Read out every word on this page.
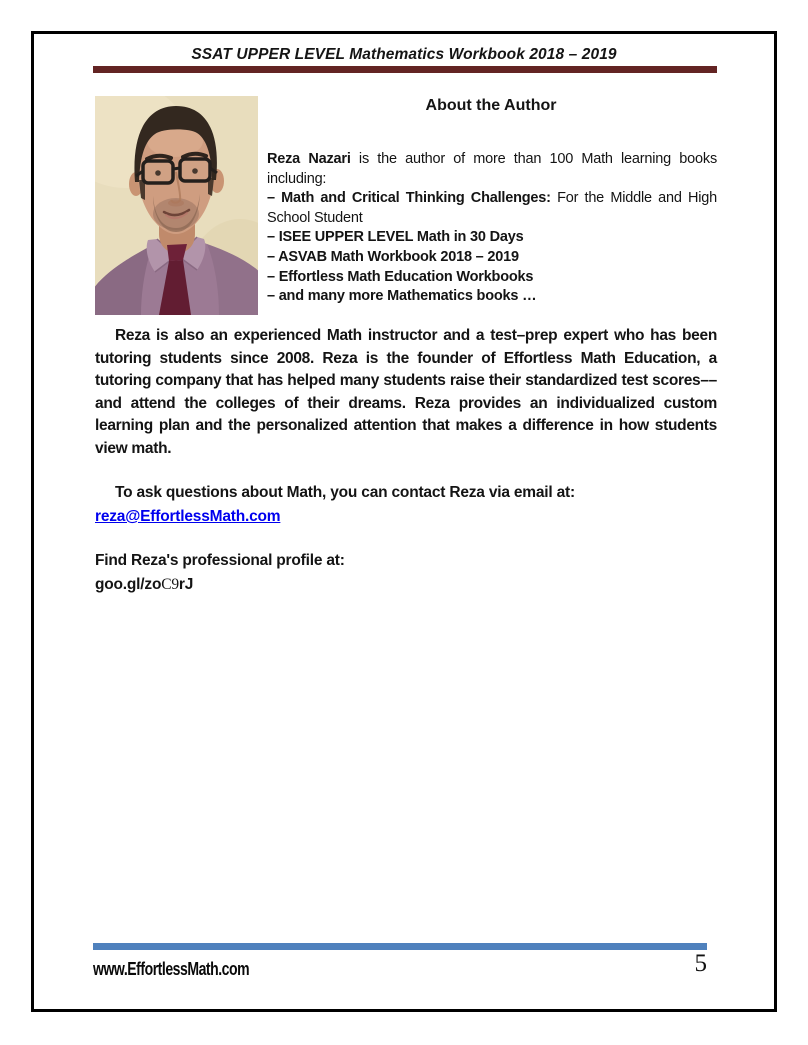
SSAT UPPER LEVEL Mathematics Workbook 2018 – 2019
About the Author

Reza Nazari is the author of more than 100 Math learning books including:

– Math and Critical Thinking Challenges: For the Middle and High School Student
– ISEE UPPER LEVEL Math in 30 Days
– ASVAB Math Workbook 2018 – 2019
– Effortless Math Education Workbooks
– and many more Mathematics books …

Reza is also an experienced Math instructor and a test–prep expert who has been tutoring students since 2008. Reza is the founder of Effortless Math Education, a tutoring company that has helped many students raise their standardized test scores––and attend the colleges of their dreams. Reza provides an individualized custom learning plan and the personalized attention that makes a difference in how students view math.

To ask questions about Math, you can contact Reza via email at:

reza@EffortlessMath.com

Find Reza's professional profile at:

goo.gl/zoC9rJ

www.EffortlessMath.com	5
